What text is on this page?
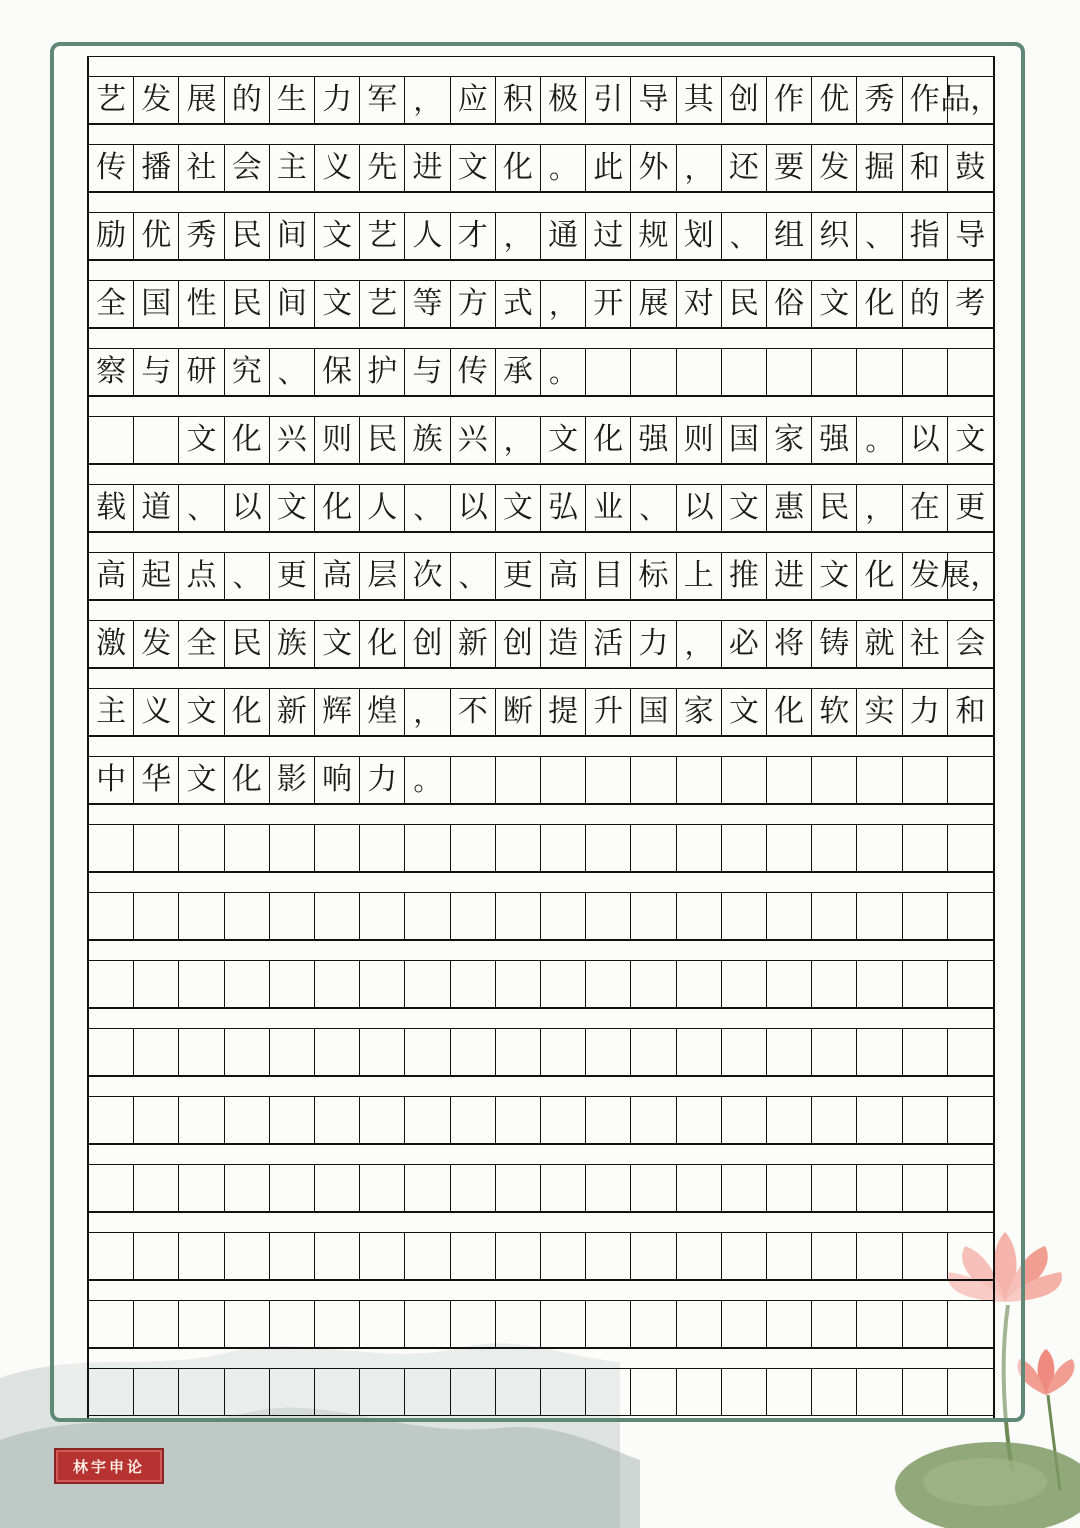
艺 发 展 的 生 力 军 ， 应 积 极 引 导 其 创 作 优 秀 作 品，
传 播 社 会 主 义 先 进 文 化 。 此 外 ， 还 要 发 掘 和 鼓
励 优 秀 民 间 文 艺 人 才 ， 通 过 规 划 、 组 织 、 指 导
全 国 性 民 间 文 艺 等 方 式 ， 开 展 对 民 俗 文 化 的 考
察 与 研 究 、 保 护 与 传 承 。
文 化 兴 则 民 族 兴 ， 文 化 强 则 国 家 强 。 以 文
载 道 、 以 文 化 人 、 以 文 弘 业 、 以 文 惠 民 ， 在 更
高 起 点 、 更 高 层 次 、 更 高 目 标 上 推 进 文 化 发 展，
激 发 全 民 族 文 化 创 新 创 造 活 力 ， 必 将 铸 就 社 会
主 义 文 化 新 辉 煌 ， 不 断 提 升 国 家 文 化 软 实 力 和
中 华 文 化 影 响 力 。
林宇申论
